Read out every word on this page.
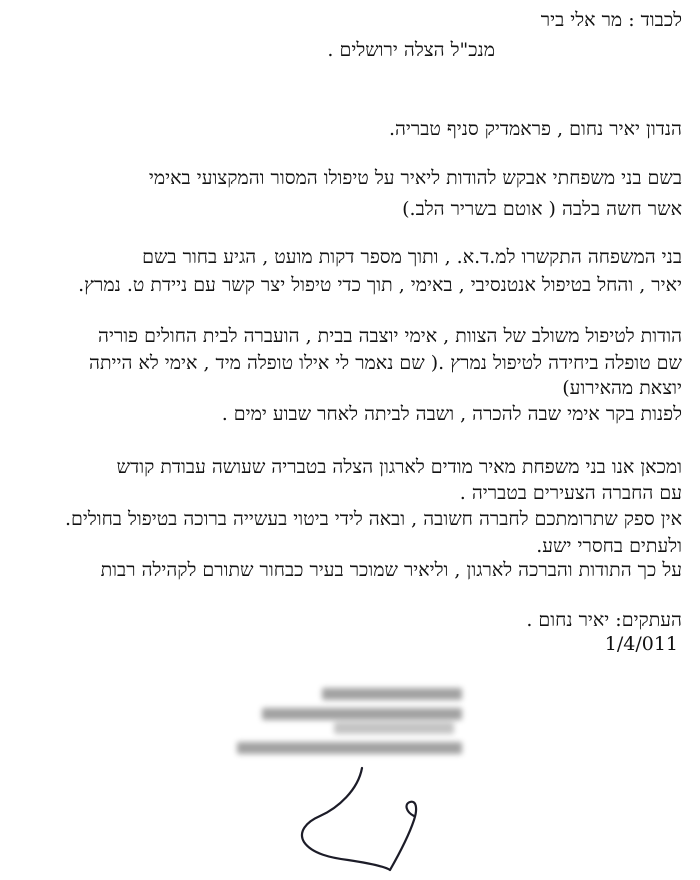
לכבוד : מר אלי ביר
מנכ"ל הצלה ירושלים .
הנדון יאיר נחום , פראמדיק סניף טבריה.
בשם בני משפחתי אבקש להודות ליאיר על טיפולו המסור והמקצועי באימי
אשר חשה בלבה ( אוטם בשריר הלב.)
בני המשפחה התקשרו למ.ד.א. , ותוך מספר דקות מועט , הגיע בחור בשם
יאיר , והחל בטיפול אנטנסיבי , באימי , תוך כדי טיפול יצר קשר עם ניידת ט. נמרץ.
הודות לטיפול משולב של הצוות , אימי יוצבה בבית , הועברה לבית החולים פוריה
שם טופלה ביחידה לטיפול נמרץ .( שם נאמר לי אילו טופלה מיד , אימי לא הייתה
יוצאת מהאירוע)
לפנות בקר אימי שבה להכרה , ושבה לביתה לאחר שבוע ימים .
ומכאן אנו בני משפחת מאיר מודים לארגון הצלה בטבריה שעושה עבודת קודש
עם החברה הצעירים בטבריה .
אין ספק שתרומתכם לחברה חשובה , ובאה לידי ביטוי בעשייה ברוכה בטיפול בחולים.
ולעתים בחסרי ישע.
על כך התודות והברכה לארגון , וליאיר שמוכר בעיר כבחור שתורם לקהילה רבות
העתקים: יאיר נחום .
1/4/011
